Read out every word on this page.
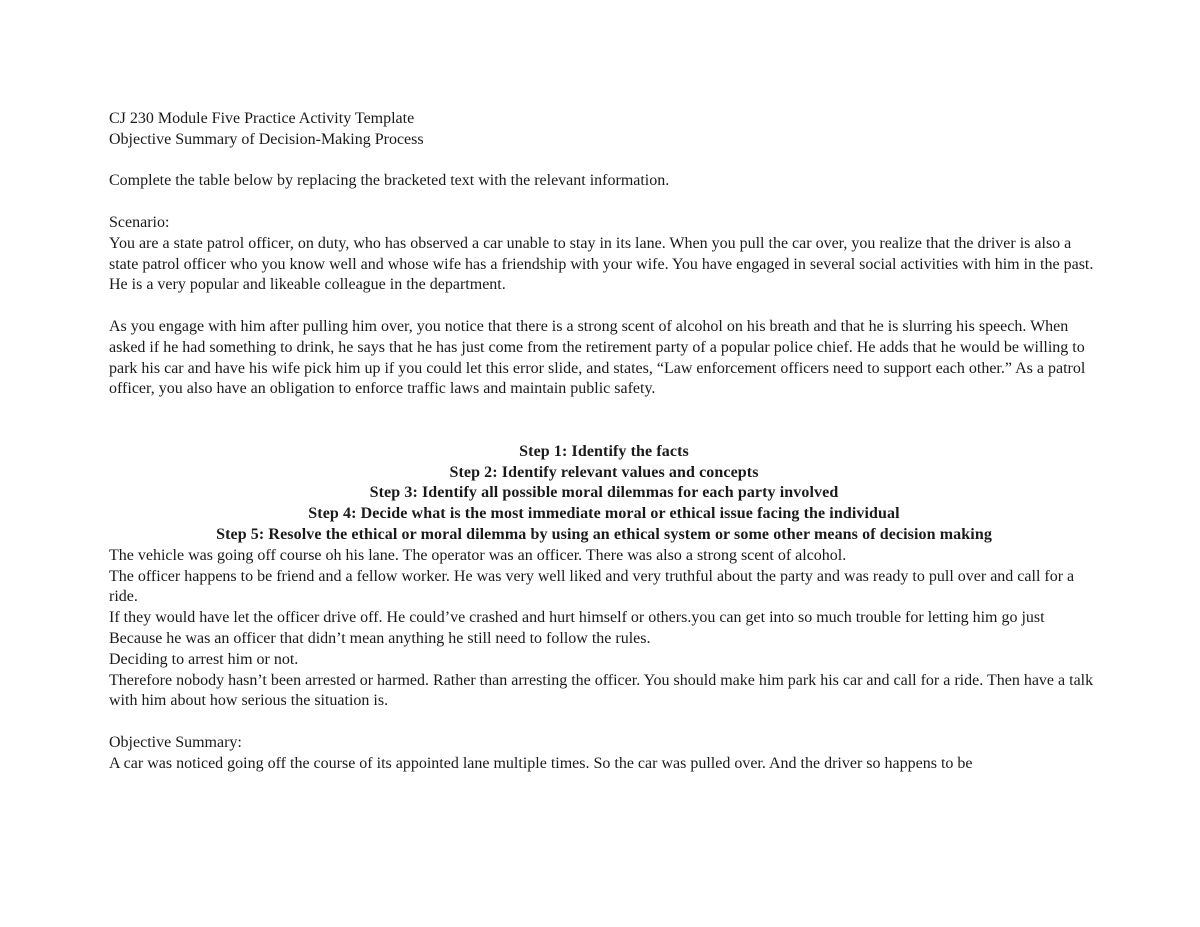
CJ 230 Module Five Practice Activity Template

Objective Summary of Decision-Making Process

Complete the table below by replacing the bracketed text with the relevant information.

Scenario:

You are a state patrol officer, on duty, who has observed a car unable to stay in its lane. When you pull the car over, you realize that the driver is also a state patrol officer who you know well and whose wife has a friendship with your wife. You have engaged in several social activities with him in the past. He is a very popular and likeable colleague in the department.

As you engage with him after pulling him over, you notice that there is a strong scent of alcohol on his breath and that he is slurring his speech. When asked if he had something to drink, he says that he has just come from the retirement party of a popular police chief. He adds that he would be willing to park his car and have his wife pick him up if you could let this error slide, and states, “Law enforcement officers need to support each other.” As a patrol officer, you also have an obligation to enforce traffic laws and maintain public safety.

Step 1: Identify the facts
Step 2: Identify relevant values and concepts
Step 3: Identify all possible moral dilemmas for each party involved
Step 4: Decide what is the most immediate moral or ethical issue facing the individual
Step 5: Resolve the ethical or moral dilemma by using an ethical system or some other means of decision making

The vehicle was going off course oh his lane. The operator was an officer. There was also a strong scent of alcohol.

The officer happens to be friend and a fellow worker. He was very well liked and very truthful about the party and was ready to pull over and call for a ride.

If they would have let the officer drive off. He could’ve crashed and hurt himself or others.you can get into so much trouble for letting him go just Because he was an officer that didn’t mean anything he still need to follow the rules.

Deciding to arrest him or not.

Therefore nobody hasn’t been arrested or harmed. Rather than arresting the officer. You should make him park his car and call for a ride. Then have a talk with him about how serious the situation is.

Objective Summary:

A car was noticed going off the course of its appointed lane multiple times. So the car was pulled over. And the driver so happens to be
